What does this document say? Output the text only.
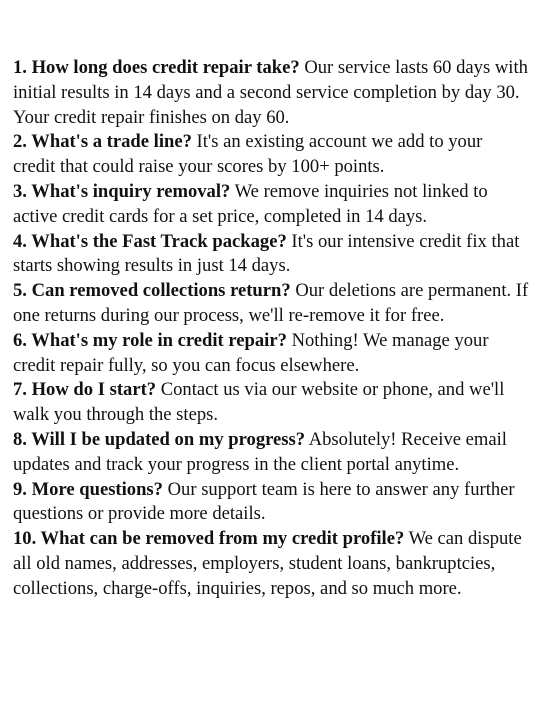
1. How long does credit repair take? Our service lasts 60 days with initial results in 14 days and a second service completion by day 30. Your credit repair finishes on day 60.

2. What's a trade line? It's an existing account we add to your credit that could raise your scores by 100+ points.

3. What's inquiry removal? We remove inquiries not linked to active credit cards for a set price, completed in 14 days.

4. What's the Fast Track package? It's our intensive credit fix that starts showing results in just 14 days.

5. Can removed collections return? Our deletions are permanent. If one returns during our process, we'll re-remove it for free.

6. What's my role in credit repair? Nothing! We manage your credit repair fully, so you can focus elsewhere.

7. How do I start? Contact us via our website or phone, and we'll walk you through the steps.

8. Will I be updated on my progress? Absolutely! Receive email updates and track your progress in the client portal anytime.

9. More questions? Our support team is here to answer any further questions or provide more details.

10. What can be removed from my credit profile? We can dispute all old names, addresses, employers, student loans, bankruptcies, collections, charge-offs, inquiries, repos, and so much more.
